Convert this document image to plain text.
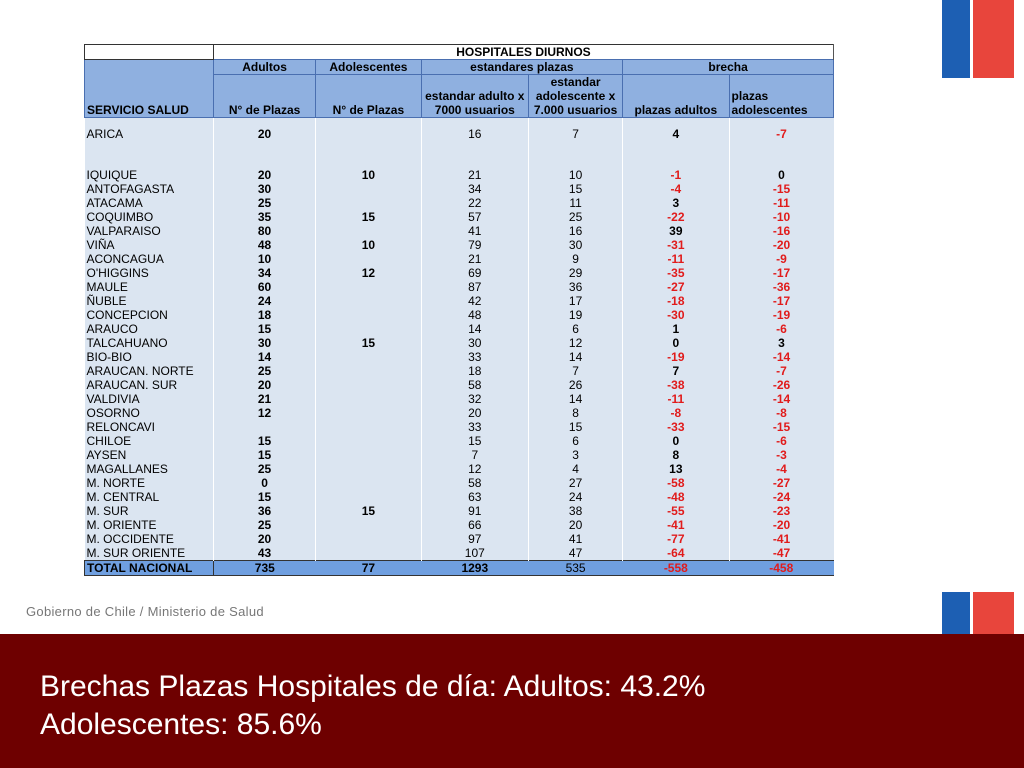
	HOSPITALES DIURNOS					
SERVICIO SALUD	Adultos	Adolescentes	estandares plazas		brecha	
	N° de Plazas	N° de Plazas	estandar adulto x 7000 usuarios	estandar adolescente x 7.000 usuarios	plazas adultos	plazas adolescentes
ARICA	20		16	7	4	-7
IQUIQUE	20	10	21	10	-1	0
ANTOFAGASTA	30		34	15	-4	-15
ATACAMA	25		22	11	3	-11
COQUIMBO	35	15	57	25	-22	-10
VALPARAISO	80		41	16	39	-16
VIÑA	48	10	79	30	-31	-20
ACONCAGUA	10		21	9	-11	-9
O'HIGGINS	34	12	69	29	-35	-17
MAULE	60		87	36	-27	-36
ÑUBLE	24		42	17	-18	-17
CONCEPCION	18		48	19	-30	-19
ARAUCO	15		14	6	1	-6
TALCAHUANO	30	15	30	12	0	3
BIO-BIO	14		33	14	-19	-14
ARAUCAN. NORTE	25		18	7	7	-7
ARAUCAN. SUR	20		58	26	-38	-26
VALDIVIA	21		32	14	-11	-14
OSORNO	12		20	8	-8	-8
RELONCAVI			33	15	-33	-15
CHILOE	15		15	6	0	-6
AYSEN	15		7	3	8	-3
MAGALLANES	25		12	4	13	-4
M. NORTE	0		58	27	-58	-27
M. CENTRAL	15		63	24	-48	-24
M. SUR	36	15	91	38	-55	-23
M. ORIENTE	25		66	20	-41	-20
M. OCCIDENTE	20		97	41	-77	-41
M. SUR ORIENTE	43		107	47	-64	-47
TOTAL NACIONAL	735	77	1293	535	-558	-458
Gobierno de Chile / Ministerio de Salud
Brechas Plazas Hospitales de día: Adultos: 43.2%
Adolescentes: 85.6%
